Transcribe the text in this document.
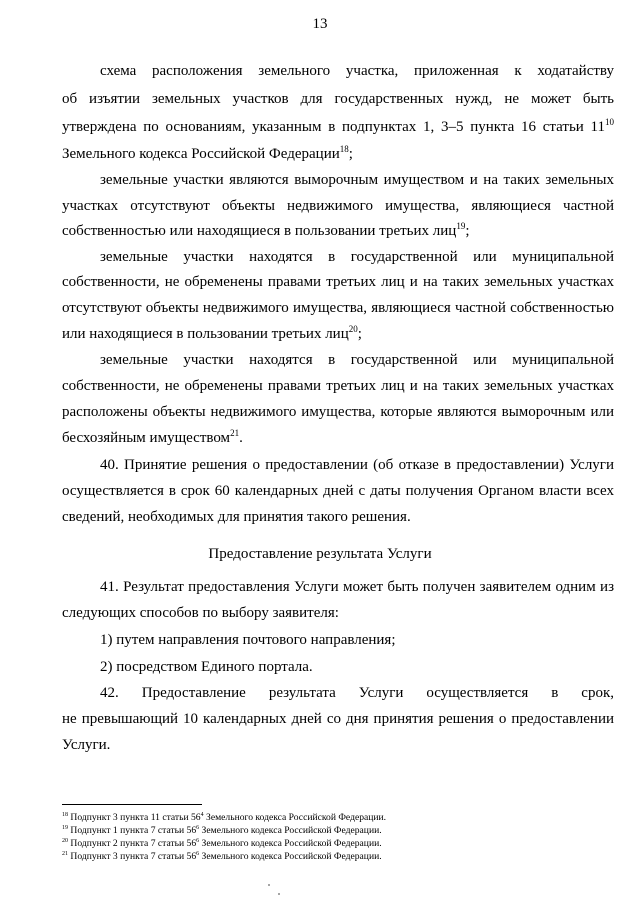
13
схема расположения земельного участка, приложенная к ходатайству
об изъятии земельных участков для государственных нужд, не может быть
утверждена по основаниям, указанным в подпунктах 1, 3–5 пункта 16 статьи $11^{10}$
Земельного кодекса Российской Федерации$^{18}$;
земельные участки являются выморочным имуществом и на таких земельных
участках отсутствуют объекты недвижимого имущества, являющиеся частной
собственностью или находящиеся в пользовании третьих лиц$^{19}$;
земельные участки находятся в государственной или муниципальной
собственности, не обременены правами третьих лиц и на таких земельных участках
отсутствуют объекты недвижимого имущества, являющиеся частной собственностью
или находящиеся в пользовании третьих лиц$^{20}$;
земельные участки находятся в государственной или муниципальной
собственности, не обременены правами третьих лиц и на таких земельных участках
расположены объекты недвижимого имущества, которые являются выморочным или
бесхозяйным имуществом$^{21}$.
40. Принятие решения о предоставлении (об отказе в предоставлении) Услуги
осуществляется в срок 60 календарных дней с даты получения Органом власти всех
сведений, необходимых для принятия такого решения.
Предоставление результата Услуги
41. Результат предоставления Услуги может быть получен заявителем одним из
следующих способов по выбору заявителя:
1) путем направления почтового направления;
2) посредством Единого портала.
42. Предоставление результата Услуги осуществляется в срок,
не превышающий 10 календарных дней со дня принятия решения о предоставлении
Услуги.
$^{18}$ Подпункт 3 пункта 11 статьи $56^4$ Земельного кодекса Российской Федерации.
$^{19}$ Подпункт 1 пункта 7 статьи $56^6$ Земельного кодекса Российской Федерации.
$^{20}$ Подпункт 2 пункта 7 статьи $56^6$ Земельного кодекса Российской Федерации.
$^{21}$ Подпункт 3 пункта 7 статьи $56^6$ Земельного кодекса Российской Федерации.
